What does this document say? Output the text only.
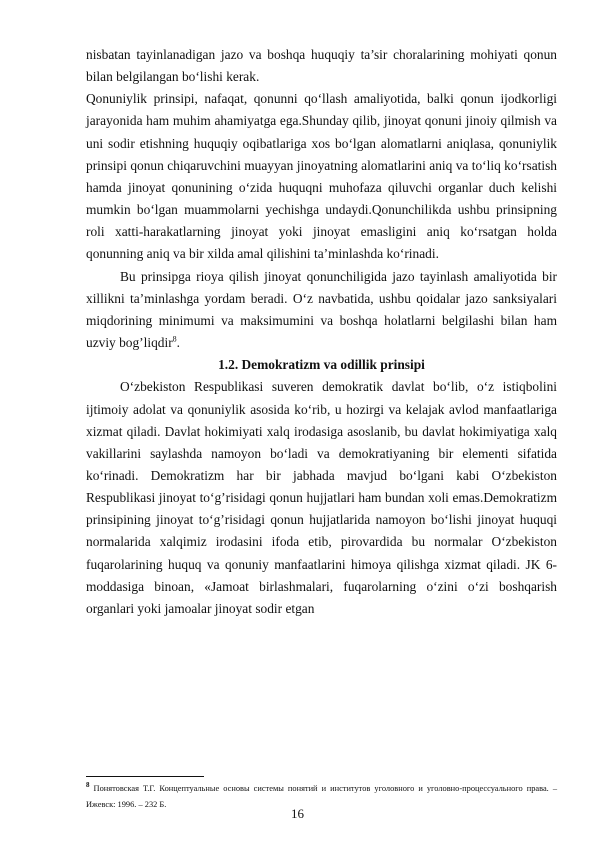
nisbatan tayinlanadigan jazo va boshqa huquqiy ta’sir choralarining mohiyati qonun bilan belgilangan bo‘lishi kerak.

Qonuniylik prinsipi, nafaqat, qonunni qo‘llash amaliyotida, balki qonun ijodkorligi jarayonida ham muhim ahamiyatga ega.Shunday qilib, jinoyat qonuni jinoiy qilmish va uni sodir etishning huquqiy oqibatlariga xos bo‘lgan alomatlarni aniqlasa, qonuniylik prinsipi qonun chiqaruvchini muayyan jinoyatning alomatlarini aniq va to‘liq ko‘rsatish hamda jinoyat qonunining o‘zida huquqni muhofaza qiluvchi organlar duch kelishi mumkin bo‘lgan muammolarni yechishga undaydi.Qonunchilikda ushbu prinsipning roli xatti-harakatlarning jinoyat yoki jinoyat emasligini aniq ko‘rsatgan holda qonunning aniq va bir xilda amal qilishini ta’minlashda ko‘rinadi.

Bu prinsipga rioya qilish jinoyat qonunchiligida jazo tayinlash amaliyotida bir xillikni ta’minlashga yordam beradi. O‘z navbatida, ushbu qoidalar jazo sanksiyalari miqdorining minimumi va maksimumini va boshqa holatlarni belgilashi bilan ham uzviy bog’liqdir$^8$.

1.2. Demokratizm va odillik prinsipi

O‘zbekiston Respublikasi suveren demokratik davlat bo‘lib, o‘z istiqbolini ijtimoiy adolat va qonuniylik asosida ko‘rib, u hozirgi va kelajak avlod manfaatlariga xizmat qiladi. Davlat hokimiyati xalq irodasiga asoslanib, bu davlat hokimiyatiga xalq vakillarini saylashda namoyon bo‘ladi va demokratiyaning bir elementi sifatida ko‘rinadi. Demokratizm har bir jabhada mavjud bo‘lgani kabi O‘zbekiston Respublikasi jinoyat to‘g’risidagi qonun hujjatlari ham bundan xoli emas.Demokratizm prinsipining jinoyat to‘g’risidagi qonun hujjatlarida namoyon bo‘lishi jinoyat huquqi normalarida xalqimiz irodasini ifoda etib, pirovardida bu normalar O‘zbekiston fuqarolarining huquq va qonuniy manfaatlarini himoya qilishga xizmat qiladi. JK 6-moddasiga binoan, «Jamoat birlashmalari, fuqarolarning o‘zini o‘zi boshqarish organlari yoki jamoalar jinoyat sodir etgan

$^8$ Понятовская Т.Г. Концептуальные основы системы понятий и институтов уголовного и уголовно-процессуального права. – Ижевск: 1996. – 232 Б.
16
